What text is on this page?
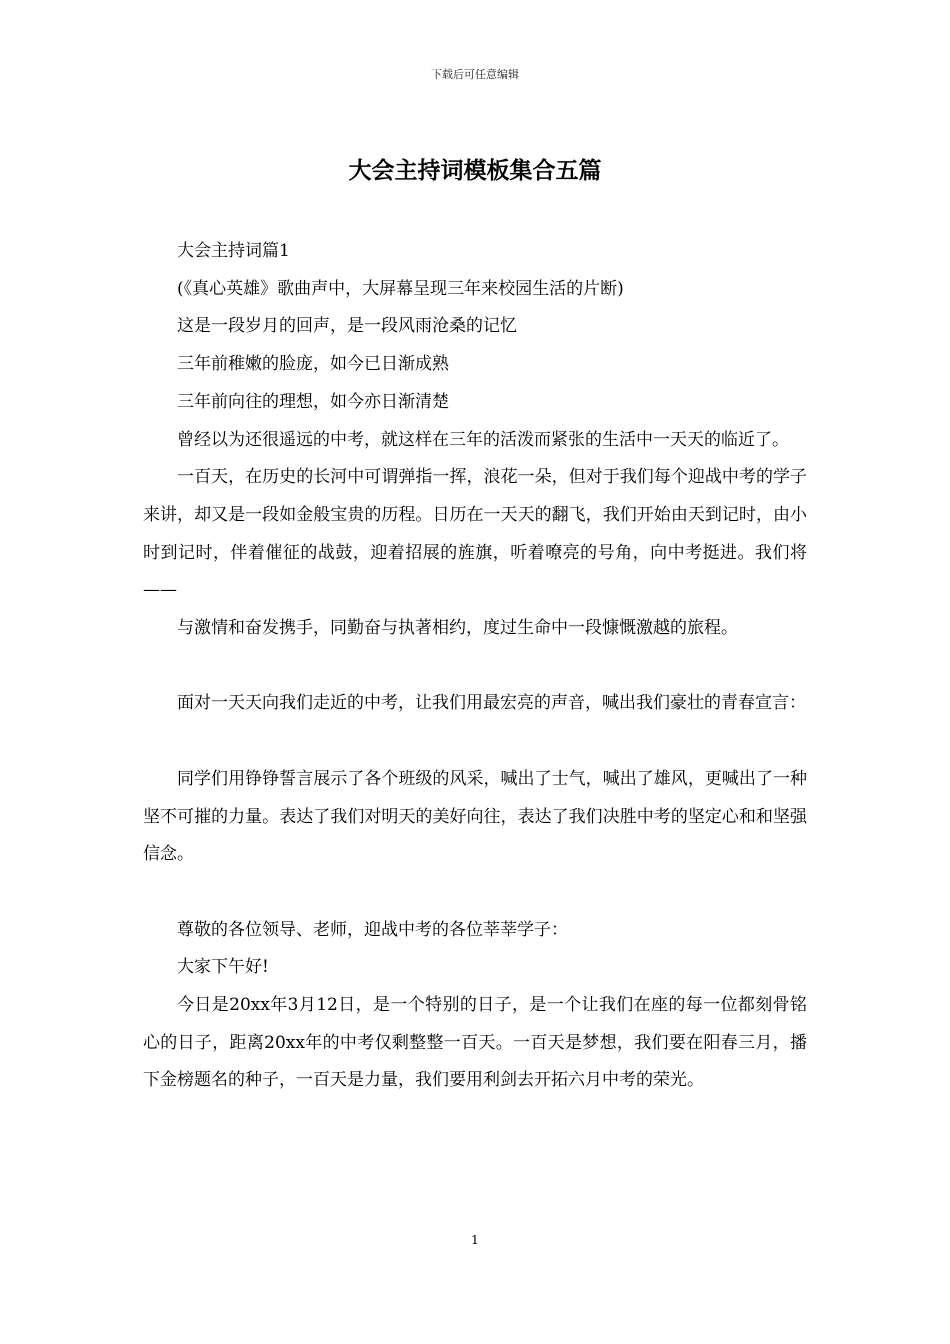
下载后可任意编辑
大会主持词模板集合五篇

大会主持词篇1

(《真心英雄》歌曲声中，大屏幕呈现三年来校园生活的片断)

这是一段岁月的回声，是一段风雨沧桑的记忆

三年前稚嫩的脸庞，如今已日渐成熟

三年前向往的理想，如今亦日渐清楚

曾经以为还很遥远的中考，就这样在三年的活泼而紧张的生活中一天天的临近了。

一百天，在历史的长河中可谓弹指一挥，浪花一朵，但对于我们每个迎战中考的学子来讲，却又是一段如金般宝贵的历程。日历在一天天的翻飞，我们开始由天到记时，由小时到记时，伴着催征的战鼓，迎着招展的旌旗，听着嘹亮的号角，向中考挺进。我们将——

与激情和奋发携手，同勤奋与执著相约，度过生命中一段慷慨激越的旅程。

面对一天天向我们走近的中考，让我们用最宏亮的声音，喊出我们豪壮的青春宣言：

同学们用铮铮誓言展示了各个班级的风采，喊出了士气，喊出了雄风，更喊出了一种坚不可摧的力量。表达了我们对明天的美好向往，表达了我们决胜中考的坚定心和和坚强信念。

尊敬的各位领导、老师，迎战中考的各位莘莘学子：

大家下午好!

今日是20xx年3月12日，是一个特别的日子，是一个让我们在座的每一位都刻骨铭心的日子，距离20xx年的中考仅剩整整一百天。一百天是梦想，我们要在阳春三月，播下金榜题名的种子，一百天是力量，我们要用利剑去开拓六月中考的荣光。

1
